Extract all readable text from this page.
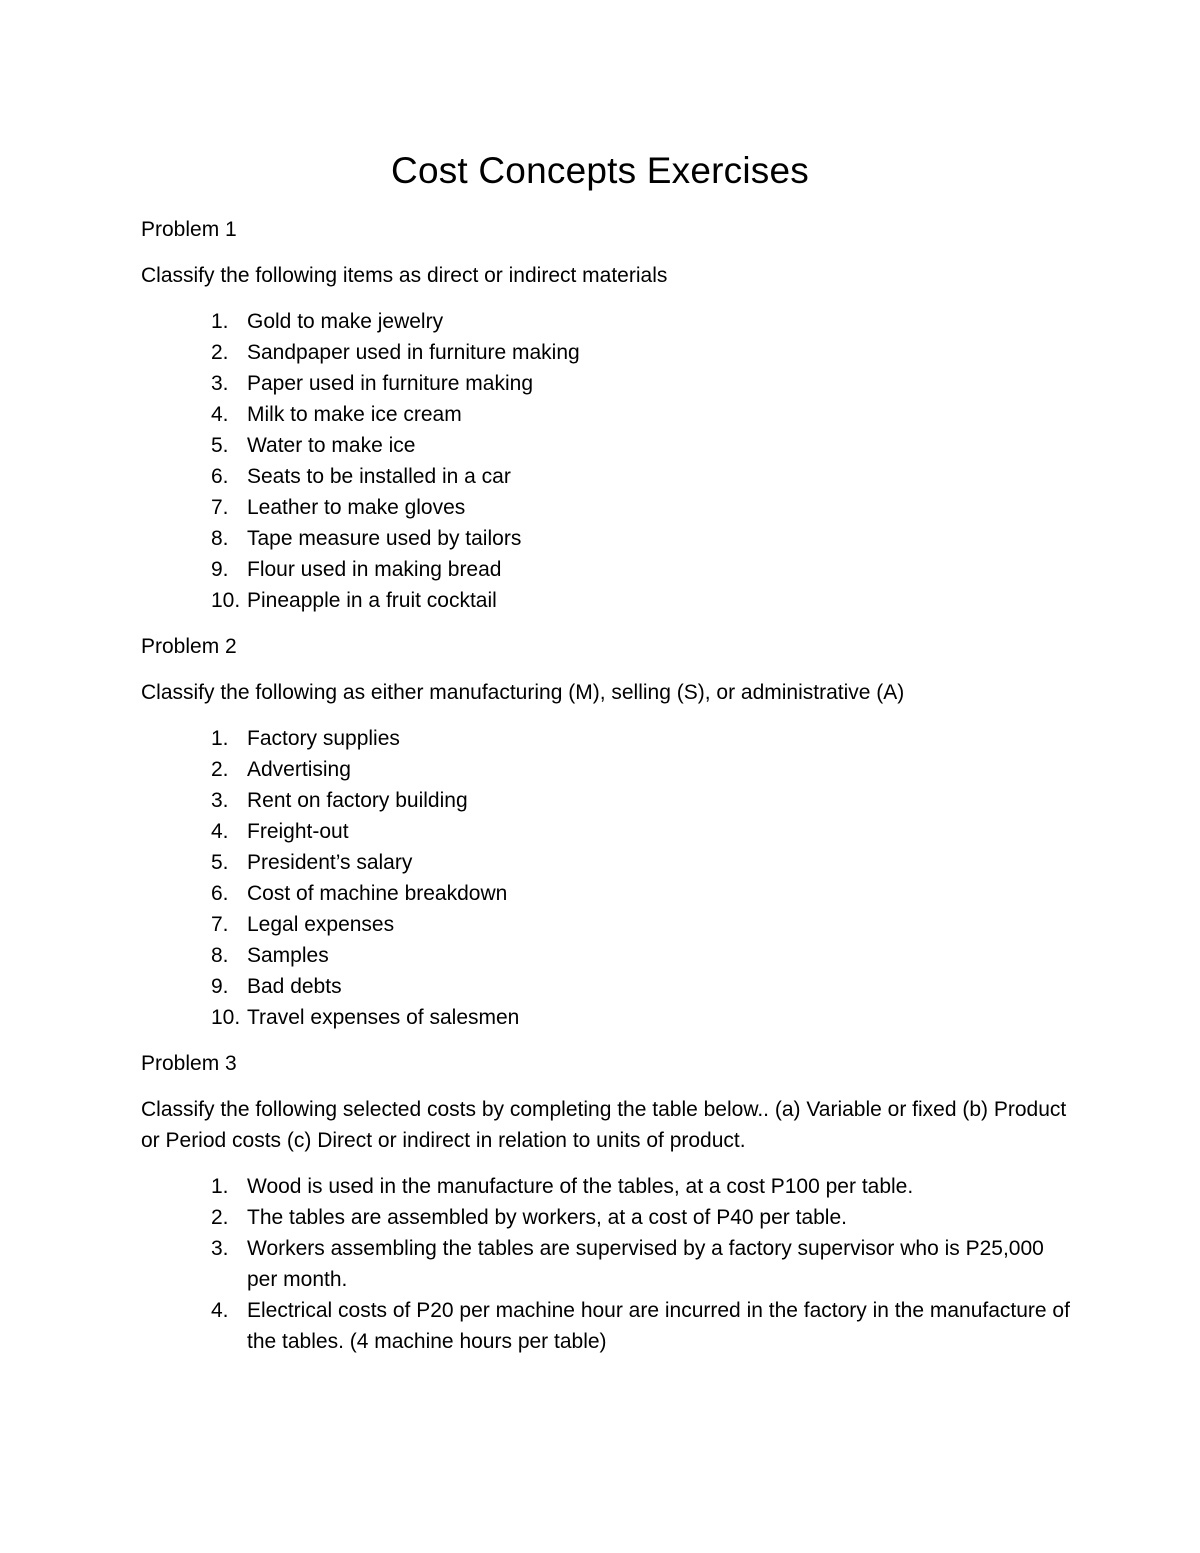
Cost Concepts Exercises

Problem 1

Classify the following items as direct or indirect materials

1. Gold to make jewelry
2. Sandpaper used in furniture making
3. Paper used in furniture making
4. Milk to make ice cream
5. Water to make ice
6. Seats to be installed in a car
7. Leather to make gloves
8. Tape measure used by tailors
9. Flour used in making bread
10. Pineapple in a fruit cocktail

Problem 2

Classify the following as either manufacturing (M), selling (S), or administrative (A)

1. Factory supplies
2. Advertising
3. Rent on factory building
4. Freight-out
5. President’s salary
6. Cost of machine breakdown
7. Legal expenses
8. Samples
9. Bad debts
10. Travel expenses of salesmen

Problem 3

Classify the following selected costs by completing the table below.. (a) Variable or fixed (b) Product or Period costs (c) Direct or indirect in relation to units of product.

1. Wood is used in the manufacture of the tables, at a cost P100 per table.
2. The tables are assembled by workers, at a cost of P40 per table.
3. Workers assembling the tables are supervised by a factory supervisor who is P25,000 per month.
4. Electrical costs of P20 per machine hour are incurred in the factory in the manufacture of the tables. (4 machine hours per table)
